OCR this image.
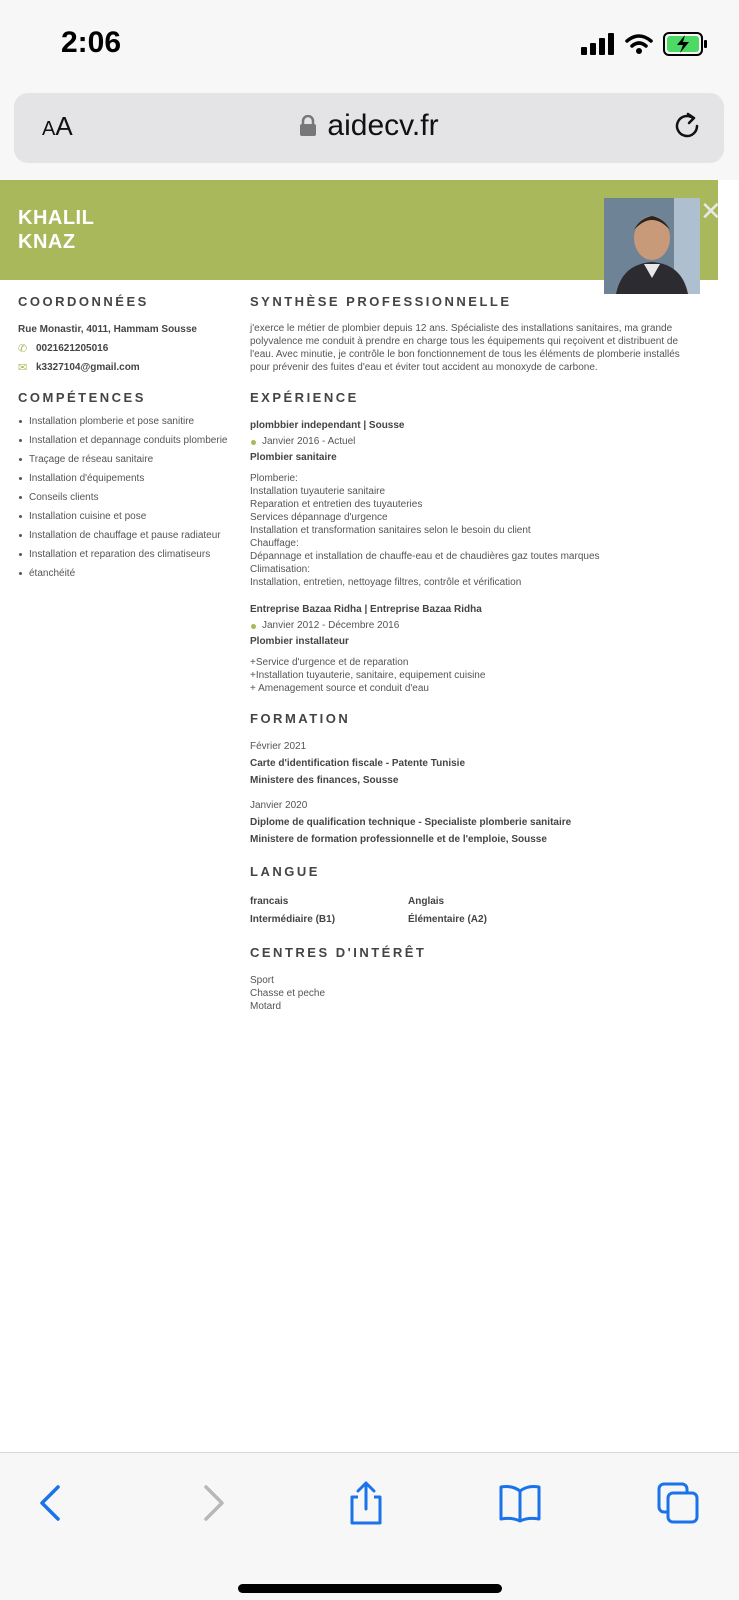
2:06
AA	aidecv.fr
KHALIL
KNAZ
✕
COORDONNÉES
Rue Monastir, 4011, Hammam Sousse
✆ 0021621205016
✉ k3327104@gmail.com
COMPÉTENCES
Installation plomberie et pose sanitire
Installation et depannage conduits plomberie
Traçage de réseau sanitaire
Installation d'équipements
Conseils clients
Installation cuisine et pose
Installation de chauffage et pause radiateur
Installation et reparation des climatiseurs
étanchéité
SYNTHÈSE PROFESSIONNELLE
j'exerce le métier de plombier depuis 12 ans. Spécialiste des installations sanitaires, ma grande polyvalence me conduit à prendre en charge tous les équipements qui reçoivent et distribuent de l'eau. Avec minutie, je contrôle le bon fonctionnement de tous les éléments de plomberie installés pour prévenir des fuites d'eau et éviter tout accident au monoxyde de carbone.
EXPÉRIENCE
plombbier independant | Sousse
Janvier 2016 - Actuel
Plombier sanitaire
Plomberie:
Installation tuyauterie sanitaire
Reparation et entretien des tuyauteries
Services dépannage d'urgence
Installation et transformation sanitaires selon le besoin du client
Chauffage:
Dépannage et installation de chauffe-eau et de chaudières gaz toutes marques
Climatisation:
Installation, entretien, nettoyage filtres, contrôle et vérification
Entreprise Bazaa Ridha | Entreprise Bazaa Ridha
Janvier 2012 - Décembre 2016
Plombier installateur
+Service d'urgence et de reparation
+Installation tuyauterie, sanitaire, equipement cuisine
+ Amenagement source et conduit d'eau
FORMATION
Février 2021
Carte d'identification fiscale - Patente Tunisie
Ministere des finances, Sousse
Janvier 2020
Diplome de qualification technique - Specialiste plomberie sanitaire
Ministere de formation professionnelle et de l'emploie, Sousse
LANGUE
francais
Intermédiaire (B1)
Anglais
Élémentaire (A2)
CENTRES D'INTÉRÊT
Sport
Chasse et peche
Motard
